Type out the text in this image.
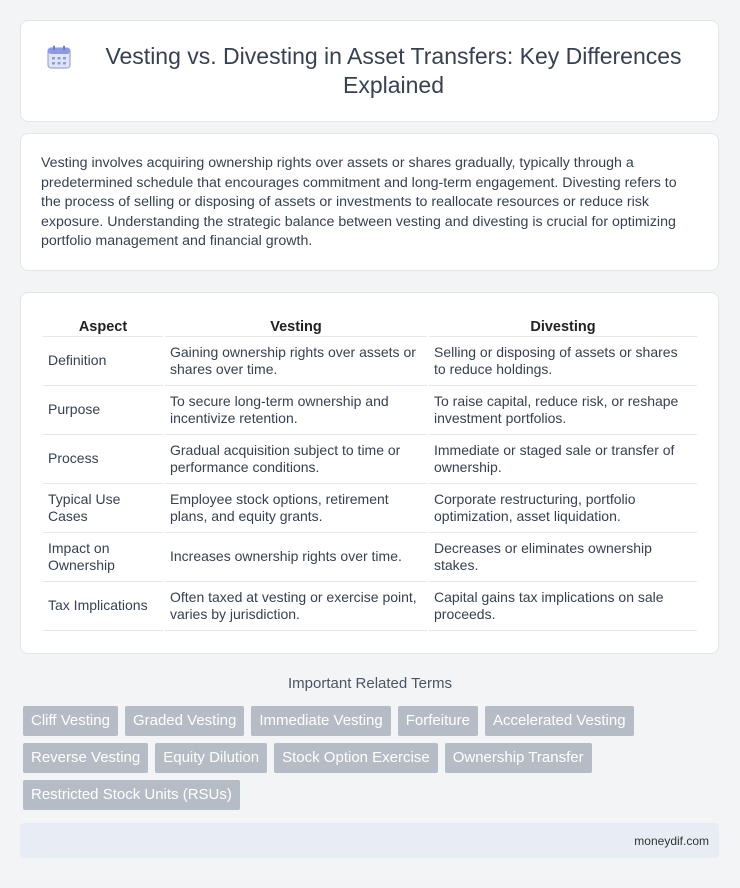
Vesting vs. Divesting in Asset Transfers: Key Differences Explained

Vesting involves acquiring ownership rights over assets or shares gradually, typically through a predetermined schedule that encourages commitment and long-term engagement. Divesting refers to the process of selling or disposing of assets or investments to reallocate resources or reduce risk exposure. Understanding the strategic balance between vesting and divesting is crucial for optimizing portfolio management and financial growth.

Aspect	Vesting	Divesting
Definition	Gaining ownership rights over assets or shares over time.	Selling or disposing of assets or shares to reduce holdings.
Purpose	To secure long-term ownership and incentivize retention.	To raise capital, reduce risk, or reshape investment portfolios.
Process	Gradual acquisition subject to time or performance conditions.	Immediate or staged sale or transfer of ownership.
Typical Use Cases	Employee stock options, retirement plans, and equity grants.	Corporate restructuring, portfolio optimization, asset liquidation.
Impact on Ownership	Increases ownership rights over time.	Decreases or eliminates ownership stakes.
Tax Implications	Often taxed at vesting or exercise point, varies by jurisdiction.	Capital gains tax implications on sale proceeds.
Important Related Terms
Cliff Vesting	Graded Vesting	Immediate Vesting	Forfeiture	Accelerated Vesting
Reverse Vesting	Equity Dilution	Stock Option Exercise	Ownership Transfer
Restricted Stock Units (RSUs)
moneydif.com
